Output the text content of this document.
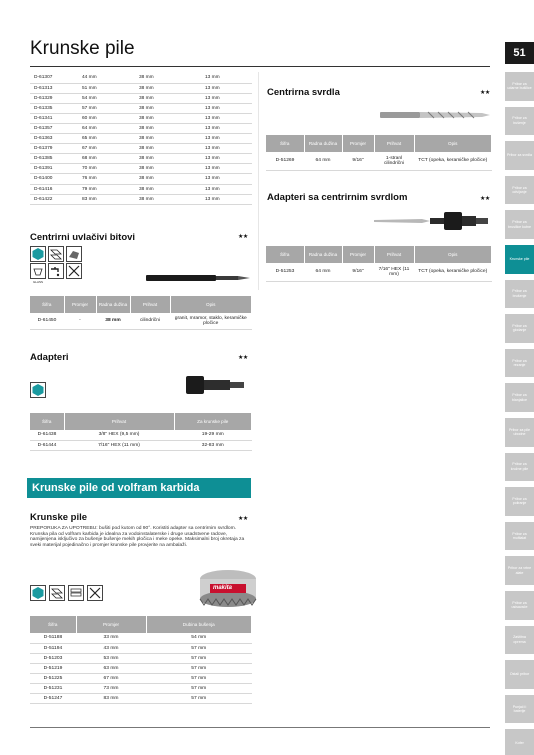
Krunske pile	51
Pribor za udarne bušilice
Pribor za bušenje
Pribor za svrdla
Pribor za odvijanje
Pribor za brusilice kutne
Krunske pile
Pribor za brušenje
Pribor za glodanje
Pribor za rezanje
Pribor za blanjalice
Pribor za pile ubodne
Pribor za kružne pile
Pribor za poliranje
Pribor za multialat
Pribor za vrtne alate
Pribor za usisavače
Zaštitna oprema
Ostali pribor
Punjači i baterije
Kofer
D-61307	44 mm	38 mm	13 mm
D-61313	51 mm	38 mm	13 mm
D-61329	54 mm	38 mm	13 mm
D-61335	57 mm	38 mm	13 mm
D-61341	60 mm	38 mm	13 mm
D-61357	64 mm	38 mm	13 mm
D-61363	65 mm	38 mm	13 mm
D-61379	67 mm	38 mm	13 mm
D-61385	68 mm	38 mm	13 mm
D-61391	70 mm	38 mm	13 mm
D-61400	76 mm	38 mm	13 mm
D-61416	79 mm	38 mm	13 mm
D-61422	83 mm	38 mm	13 mm
Centrirni uvlačivi bitovi	★★
GLASS
Šifra	Promjer	Radna dužina	Prihvat	Opis
D-61450	-	38 mm	cilindrični	granit, mramor, staklo, keramičke pločice
Adapteri	★★
Šifra	Prihvat	Za krunske pile
D-61438	3/8" HEX (9,5 mm)	19-29 mm
D-61444	7/16" HEX (11 mm)	32-83 mm
Krunske pile od volfram karbida
Krunske pile	★★
PREPORUKA ZA UPOTREBU: bušiti pod kutom od 90°. Koristiti adapter sa centrirnim svrdlom. Krunska pila od volfram karbida je idealna za vodoinstalaterske i druge usadstvene radove, namijenjena isključivo za bušenje bušenje mekih pločica i meke opeke. Maksimalni broj okretaja za sveki materijal pojedinačno i promjer krunske pile provjerite na ambalaži.
makita
Šifra	Promjer	Dubina bušenja
D-51188	33 mm	54 mm
D-51194	43 mm	57 mm
D-51203	53 mm	57 mm
D-51219	63 mm	57 mm
D-51225	67 mm	57 mm
D-51231	73 mm	57 mm
D-51247	83 mm	57 mm
Centrirna svrdla	★★
Šifra	Radna dužina	Promjer	Prihvat	Opis
D-51269	64 mm	9/16"	1-stranl cilindrični	TCT (opeka, keramičke pločice)
Adapteri sa centrirnim svrdlom	★★
Šifra	Radna dužina	Promjer	Prihvat	Opis
D-51253	64 mm	9/16"	7/16" HEX (11 mm)	TCT (opeka, keramičke pločice)
